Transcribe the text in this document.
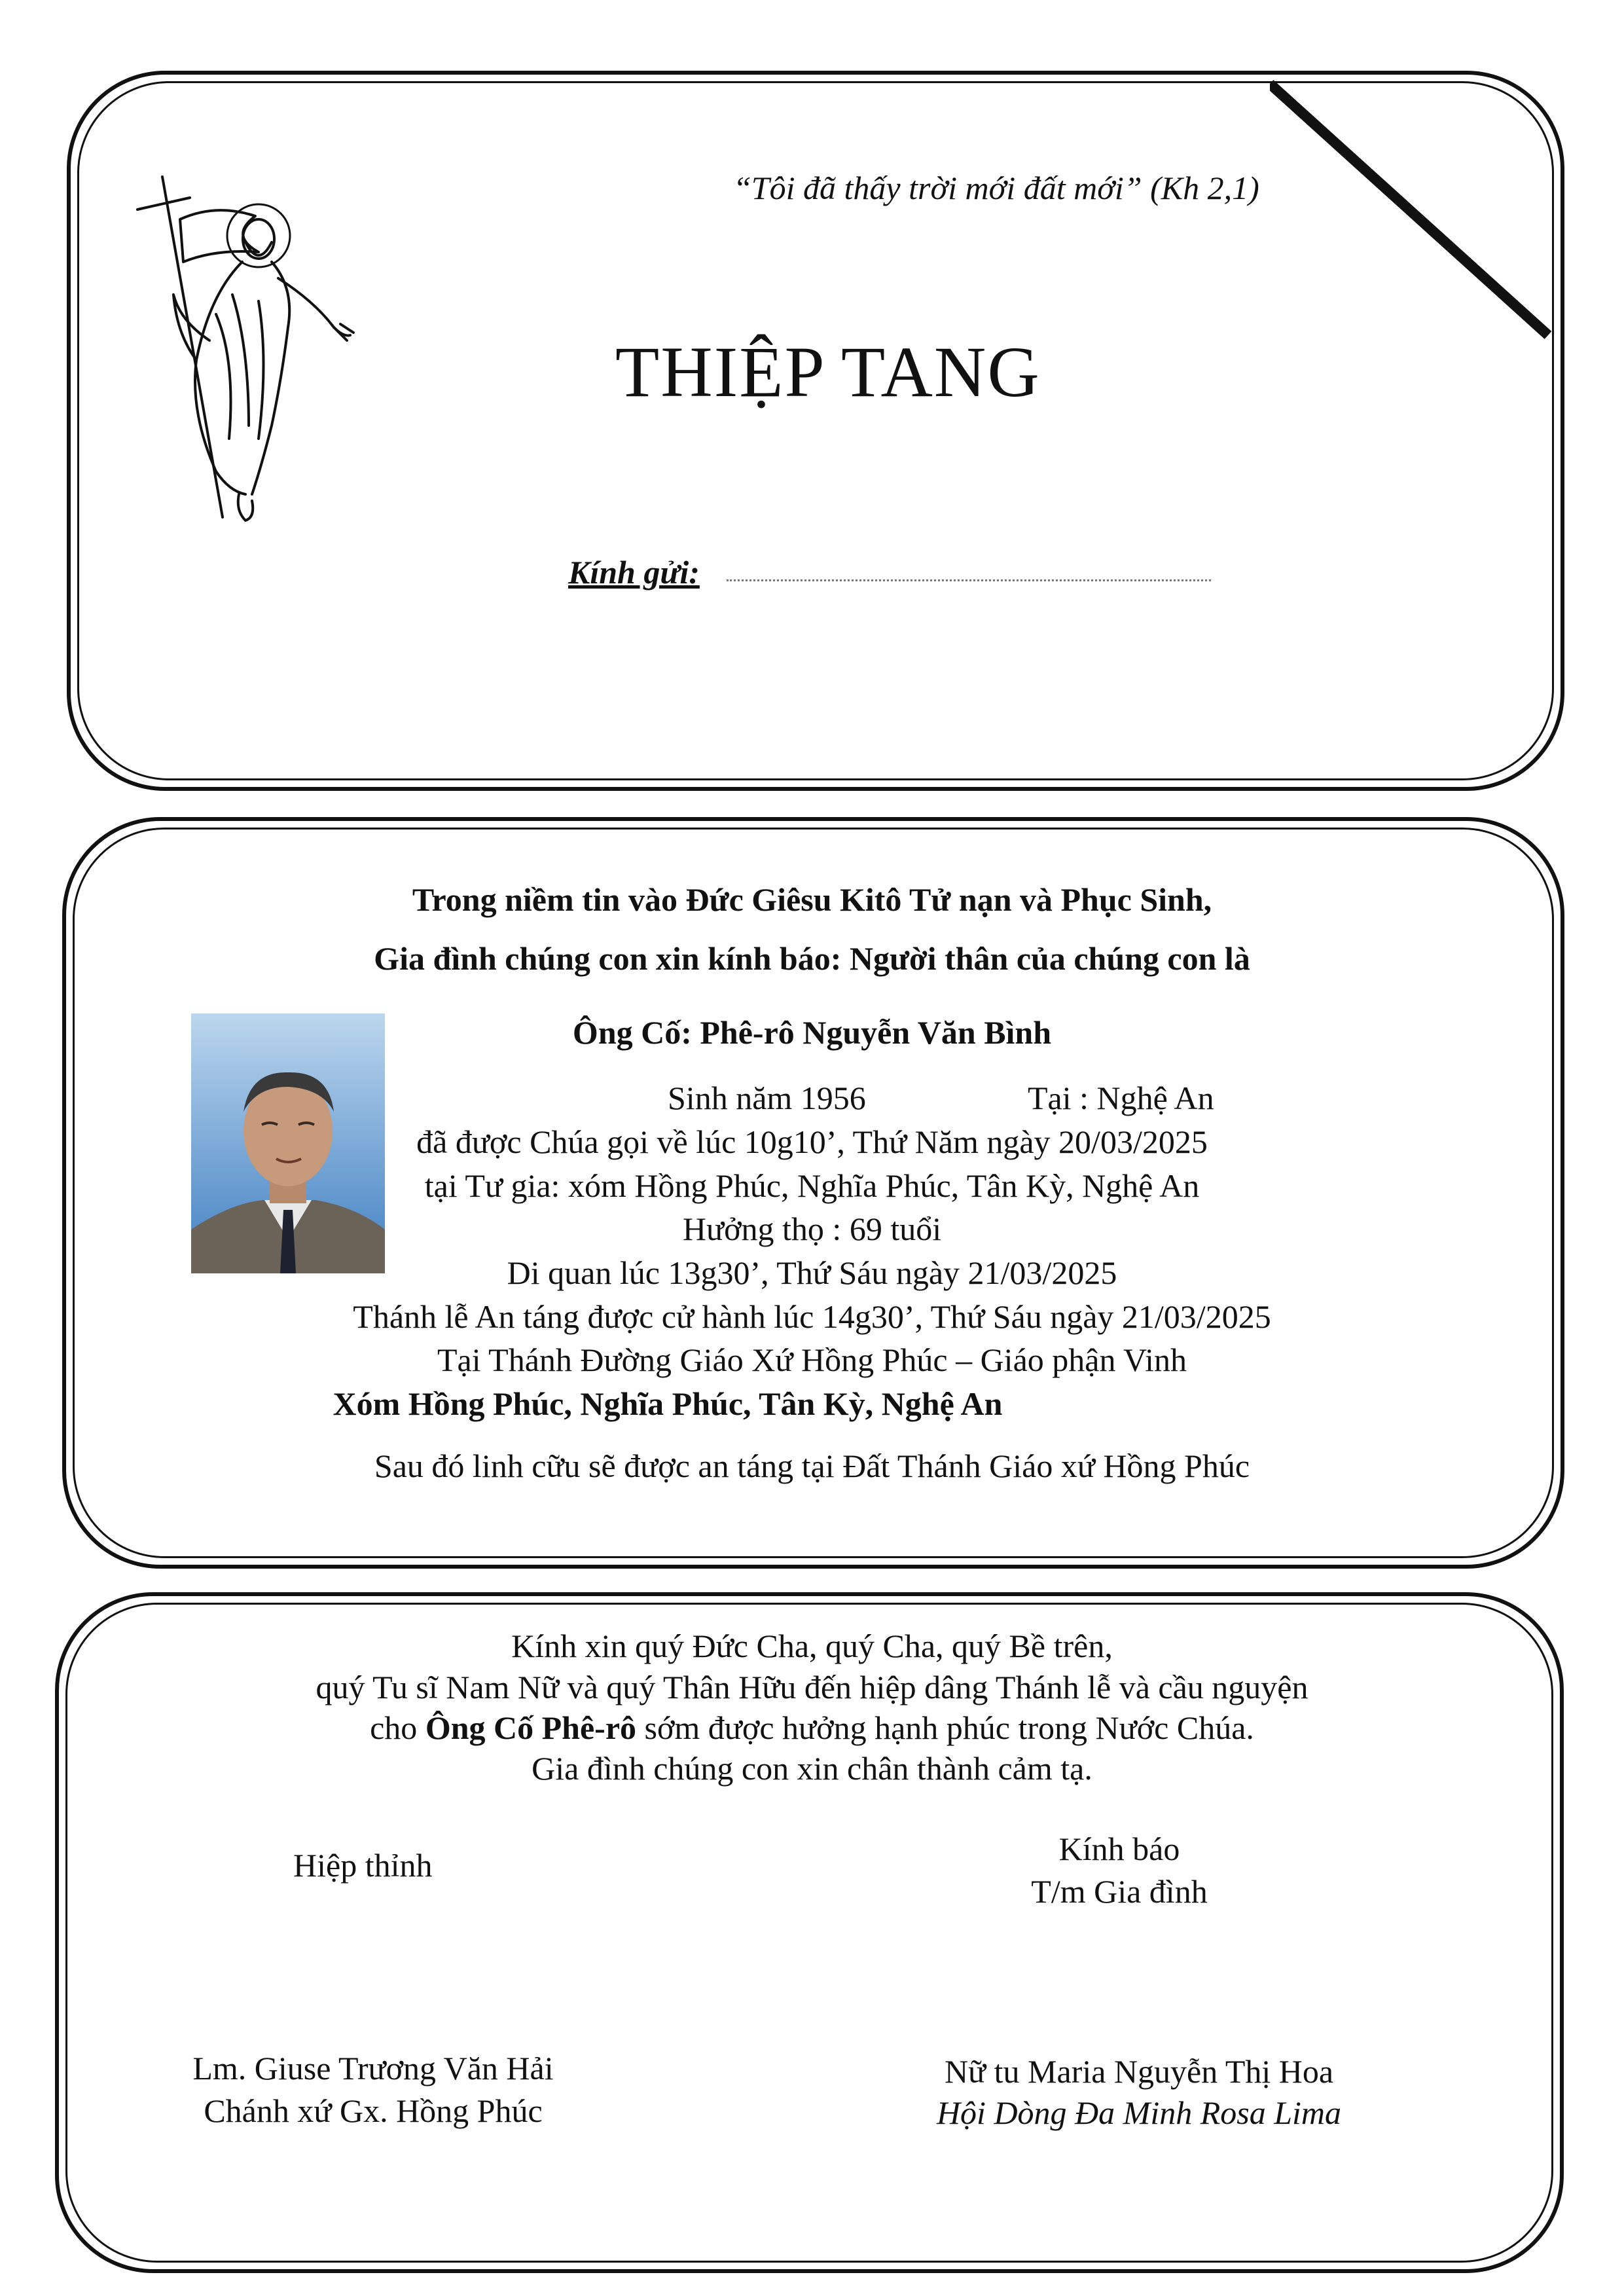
“Tôi đã thấy trời mới đất mới” (Kh 2,1)
THIỆP TANG
Kính gửi:
Trong niềm tin vào Đức Giêsu Kitô Tử nạn và Phục Sinh,
Gia đình chúng con xin kính báo: Người thân của chúng con là
Ông Cố: Phê-rô Nguyễn Văn Bình
Sinh năm 1956	Tại : Nghệ An
đã được Chúa gọi về lúc 10g10’, Thứ Năm ngày 20/03/2025
tại Tư gia: xóm Hồng Phúc, Nghĩa Phúc, Tân Kỳ, Nghệ An
Hưởng thọ : 69 tuổi
Di quan lúc 13g30’, Thứ Sáu ngày 21/03/2025
Thánh lễ An táng được cử hành lúc 14g30’, Thứ Sáu ngày 21/03/2025
Tại Thánh Đường Giáo Xứ Hồng Phúc – Giáo phận Vinh
Xóm Hồng Phúc, Nghĩa Phúc, Tân Kỳ, Nghệ An
Sau đó linh cữu sẽ được an táng tại Đất Thánh Giáo xứ Hồng Phúc
Kính xin quý Đức Cha, quý Cha, quý Bề trên,
quý Tu sĩ Nam Nữ và quý Thân Hữu đến hiệp dâng Thánh lễ và cầu nguyện
cho Ông Cố Phê-rô sớm được hưởng hạnh phúc trong Nước Chúa.
Gia đình chúng con xin chân thành cảm tạ.
Hiệp thỉnh	Kính báo
T/m Gia đình
Lm. Giuse Trương Văn Hải
Chánh xứ Gx. Hồng Phúc
Nữ tu Maria Nguyễn Thị Hoa
Hội Dòng Đa Minh Rosa Lima
